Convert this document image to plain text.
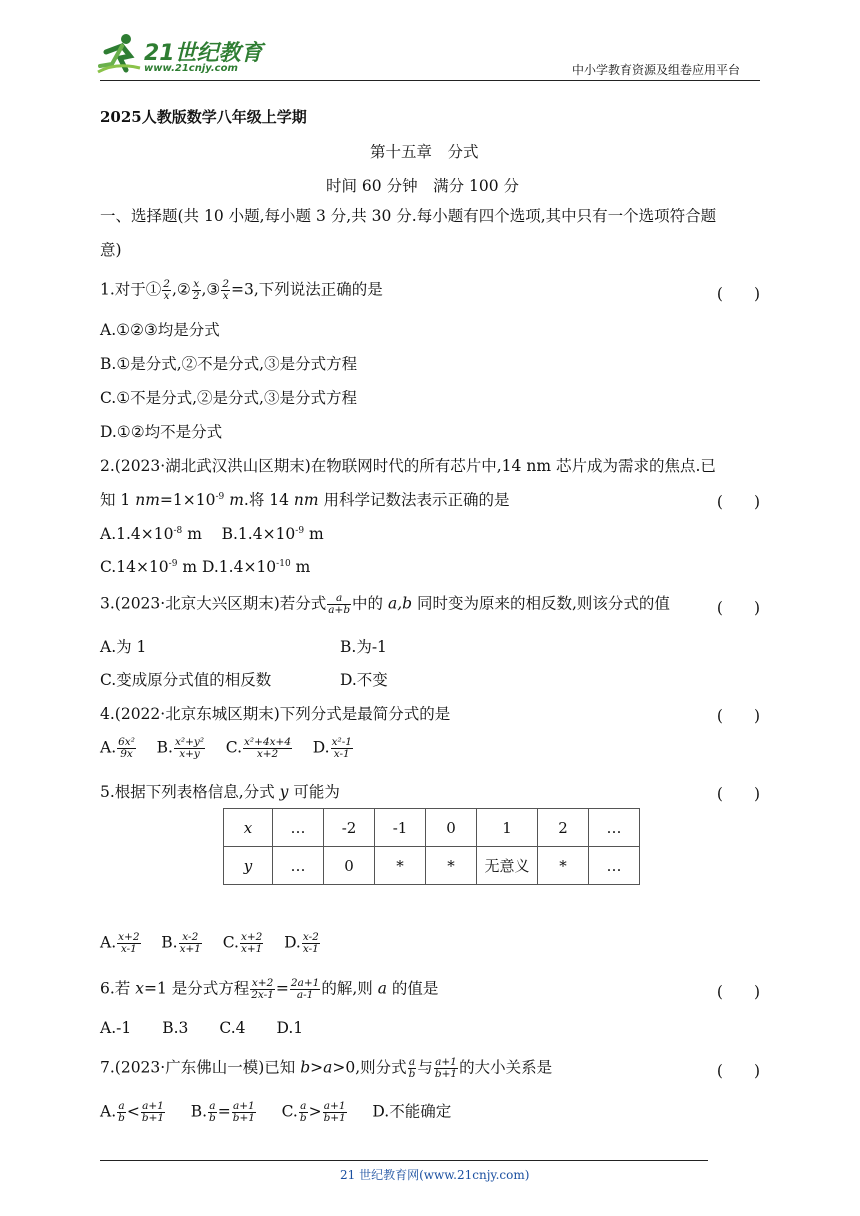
21世纪教育
www.21cnjy.com	中小学教育资源及组卷应用平台
2025人教版数学八年级上学期
第十五章　分式
时间 60 分钟　满分 100 分
一、选择题(共 10 小题,每小题 3 分,共 30 分.每小题有四个选项,其中只有一个选项符合题
意)
1.对于① $\frac{2}{x}$ ,② $\frac{x}{2}$ ,③ $\frac{2}{x} =3$,下列说法正确的是	(　　)
A.①②③均是分式
B.①是分式,②不是分式,③是分式方程
C.①不是分式,②是分式,③是分式方程
D.①②均不是分式
2.(2023·湖北武汉洪山区期末)在物联网时代的所有芯片中,14 nm 芯片成为需求的焦点.已
知 1 $nm=1\times 10^{-9}$ m.将 14 nm 用科学记数法表示正确的是	(　　)
$A.1.4\times 10^{-8}$ m $B.1.4\times 10^{-9}$ m
$C.14\times 10^{-9}$ m $D.1.4\times 10^{-10}$ m
3.(2023·北京大兴区期末)若分式 $\frac{a}{a+b}$ 中的 a,b 同时变为原来的相反数,则该分式的值	(　　)
A.为 1	B.为-1
C.变成原分式值的相反数	D.不变
4.(2022·北京东城区期末)下列分式是最简分式的是	(　　)
A. $\frac{\text{6x²}}{9x} B$. $\frac{\text{x²+y²}}{x+y} C$. $\frac{\text{x²+4x+4}}{x+2} D$. $\frac{\text{x²-1}}{x-1}$
5.根据下列表格信息,分式 y 可能为	(　　)
x	…	-2	-1	0	1	2	…
y	…	0	*	*	无意义	*	…
A. $\frac{x+2}{x-1} B$. $\frac{x-2}{x+1} C$. $\frac{x+2}{x+1} D$. $\frac{x-2}{x-1}$
6.若 x=1 是分式方程 $\frac{x+2}{2x-1} = \frac{2a+1}{a-1}$ 的解,则 a 的值是	(　　)
A.-1　　B.3　　C.4　　D.1
7.(2023·广东佛山一模)已知 b>a>0,则分式 $\frac{a}{b}$ 与 $\frac{a+1}{b+1}$ 的大小关系是	(　　)
A. $\frac{a}{b} < \frac{a+1}{b+1} B$. $\frac{a}{b} = \frac{a+1}{b+1} C$. $\frac{a}{b} > \frac{a+1}{b+1} D$.不能确定
21 世纪教育网(www.21cnjy.com)
